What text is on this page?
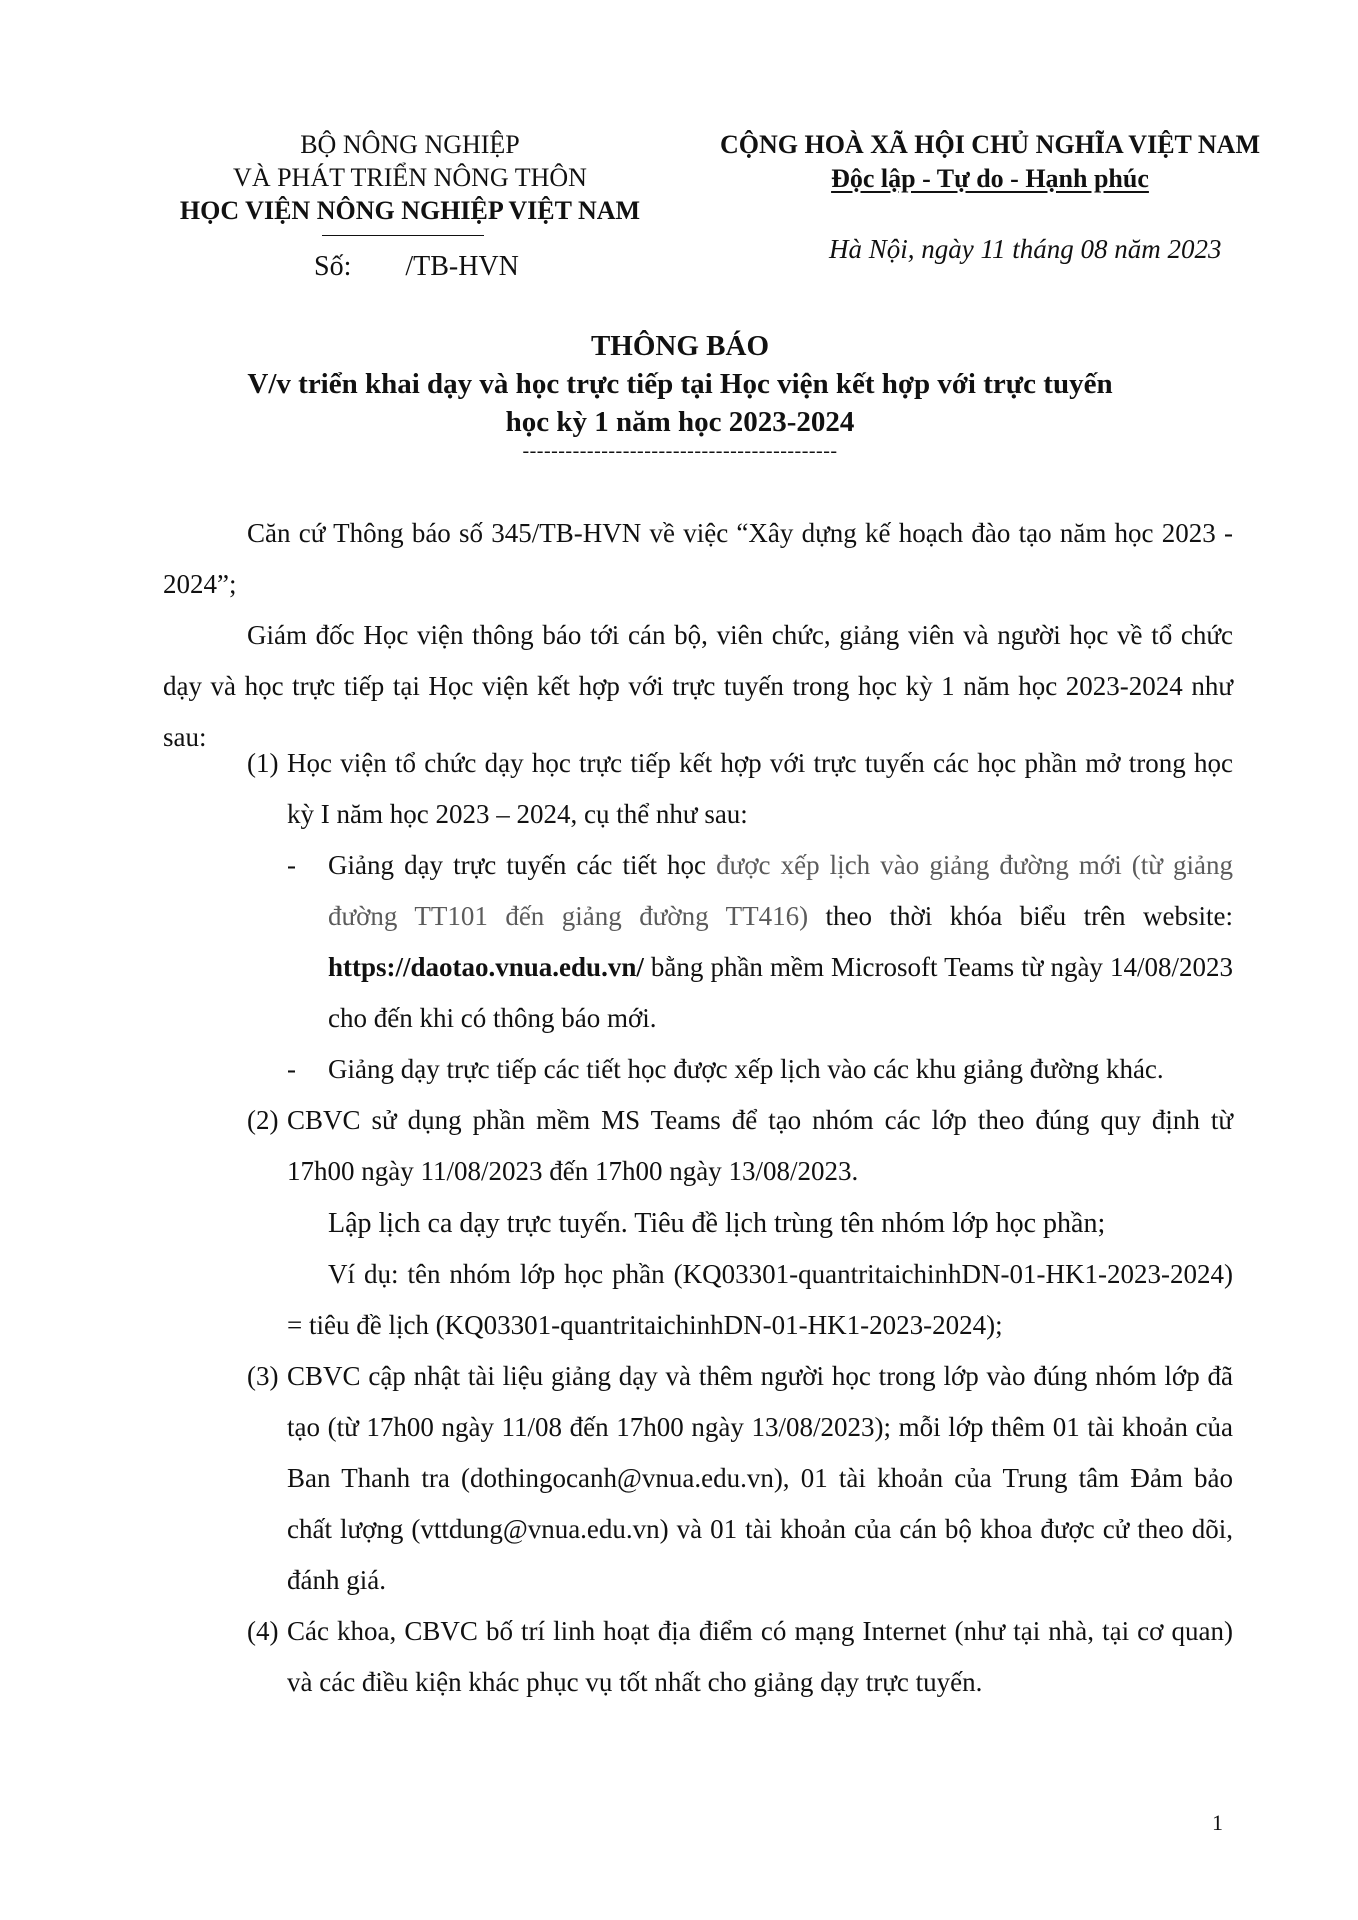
BỘ NÔNG NGHIỆP
VÀ PHÁT TRIỂN NÔNG THÔN
HỌC VIỆN NÔNG NGHIỆP VIỆT NAM
Số: /TB-HVN
CỘNG HOÀ XÃ HỘI CHỦ NGHĨA VIỆT NAM
Độc lập - Tự do - Hạnh phúc
Hà Nội, ngày 11 tháng 08 năm 2023
THÔNG BÁO
V/v triển khai dạy và học trực tiếp tại Học viện kết hợp với trực tuyến
học kỳ 1 năm học 2023-2024
--------------------------------------------
Căn cứ Thông báo số 345/TB-HVN về việc “Xây dựng kế hoạch đào tạo năm học 2023 - 2024”;
Giám đốc Học viện thông báo tới cán bộ, viên chức, giảng viên và người học về tổ chức dạy và học trực tiếp tại Học viện kết hợp với trực tuyến trong học kỳ 1 năm học 2023-2024 như sau:
(1) Học viện tổ chức dạy học trực tiếp kết hợp với trực tuyến các học phần mở trong học kỳ I năm học 2023 – 2024, cụ thể như sau:
- Giảng dạy trực tuyến các tiết học được xếp lịch vào giảng đường mới (từ giảng đường TT101 đến giảng đường TT416) theo thời khóa biểu trên website: https://daotao.vnua.edu.vn/ bằng phần mềm Microsoft Teams từ ngày 14/08/2023 cho đến khi có thông báo mới.
- Giảng dạy trực tiếp các tiết học được xếp lịch vào các khu giảng đường khác.
(2) CBVC sử dụng phần mềm MS Teams để tạo nhóm các lớp theo đúng quy định từ 17h00 ngày 11/08/2023 đến 17h00 ngày 13/08/2023.
Lập lịch ca dạy trực tuyến. Tiêu đề lịch trùng tên nhóm lớp học phần;
Ví dụ: tên nhóm lớp học phần (KQ03301-quantritaichinhDN-01-HK1-2023-2024) = tiêu đề lịch (KQ03301-quantritaichinhDN-01-HK1-2023-2024);
(3) CBVC cập nhật tài liệu giảng dạy và thêm người học trong lớp vào đúng nhóm lớp đã tạo (từ 17h00 ngày 11/08 đến 17h00 ngày 13/08/2023); mỗi lớp thêm 01 tài khoản của Ban Thanh tra (dothingocanh@vnua.edu.vn), 01 tài khoản của Trung tâm Đảm bảo chất lượng (vttdung@vnua.edu.vn) và 01 tài khoản của cán bộ khoa được cử theo dõi, đánh giá.
(4) Các khoa, CBVC bố trí linh hoạt địa điểm có mạng Internet (như tại nhà, tại cơ quan) và các điều kiện khác phục vụ tốt nhất cho giảng dạy trực tuyến.
1
